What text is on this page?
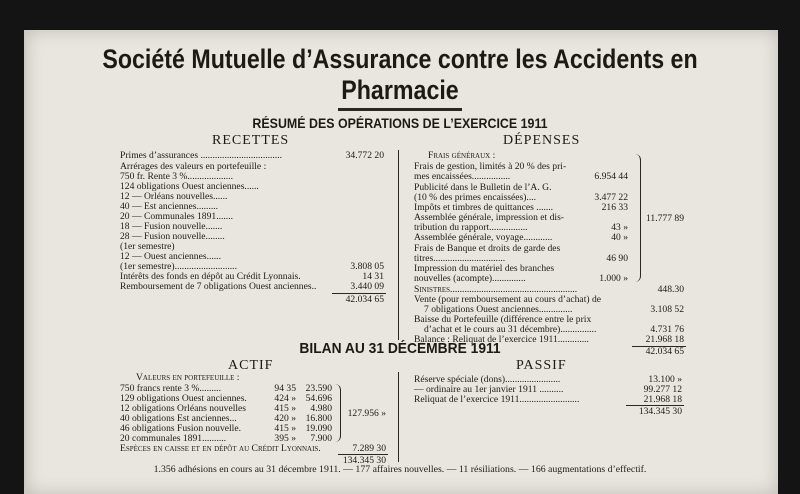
Société Mutuelle d’Assurance contre les Accidents en Pharmacie
RÉSUMÉ DES OPÉRATIONS DE L’EXERCICE 1911
RECETTES	DÉPENSES
Primes d’assurances ..................................	34.772 20
Arrérages des valeurs en portefeuille :
750 fr. Rente 3 %...................
124 obligations Ouest anciennes......
12 — Orléans nouvelles......
40 — Est anciennes.........
20 — Communales 1891.......
18 — Fusion nouvelle.......
28 — Fusion nouvelle........
(1er semestre)
12 — Ouest anciennes......
(1er semestre)..........................	3.808 05
Intérêts des fonds en dépôt au Crédit Lyonnais.	14 31
Remboursement de 7 obligations Ouest anciennes..	3.440 09
42.034 65
Frais généraux :
Frais de gestion, limités à 20 % des pri-
mes encaissées................	6.954 44
Publicité dans le Bulletin de l’A. G.
(10 % des primes encaissées)....	3.477 22
Impôts et timbres de quittances .......	216 33
Assemblée générale, impression et dis-
tribution du rapport................	43 »
Assemblée générale, voyage............	40 »
Frais de Banque et droits de garde des
titres..............................	46 90
Impression du matériel des branches
nouvelles (acompte)..............	1.000 »
11.777 89
Sinistres.....................................................	448.30
Vente (pour remboursement au cours d’achat) de
7 obligations Ouest anciennes..............	3.108 52
Baisse du Portefeuille (différence entre le prix
d’achat et le cours au 31 décembre)...............	4.731 76
Balance : Reliquat de l’exercice 1911.............	21.968 18
42.034 65
BILAN AU 31 DÉCEMBRE 1911
ACTIF	PASSIF
Valeurs en portefeuille :
750 francs rente 3 %.........	94 35	23.590
129 obligations Ouest anciennes.	424 »	54.696
12 obligations Orléans nouvelles	415 »	4.980
40 obligations Est anciennes...	420 »	16.800
46 obligations Fusion nouvelle.	415 »	19.090
20 communales 1891..........	395 »	7.900
127.956 »
Espèces en caisse et en dépôt au Crédit Lyonnais.	7.289 30
134.345 30
Réserve spéciale (dons).......................	13.100 »
— ordinaire au 1er janvier 1911 ..........	99.277 12
Reliquat de l’exercice 1911.........................	21.968 18
134.345 30
1.356 adhésions en cours au 31 décembre 1911. — 177 affaires nouvelles. — 11 résiliations. — 166 augmentations d’effectif.
